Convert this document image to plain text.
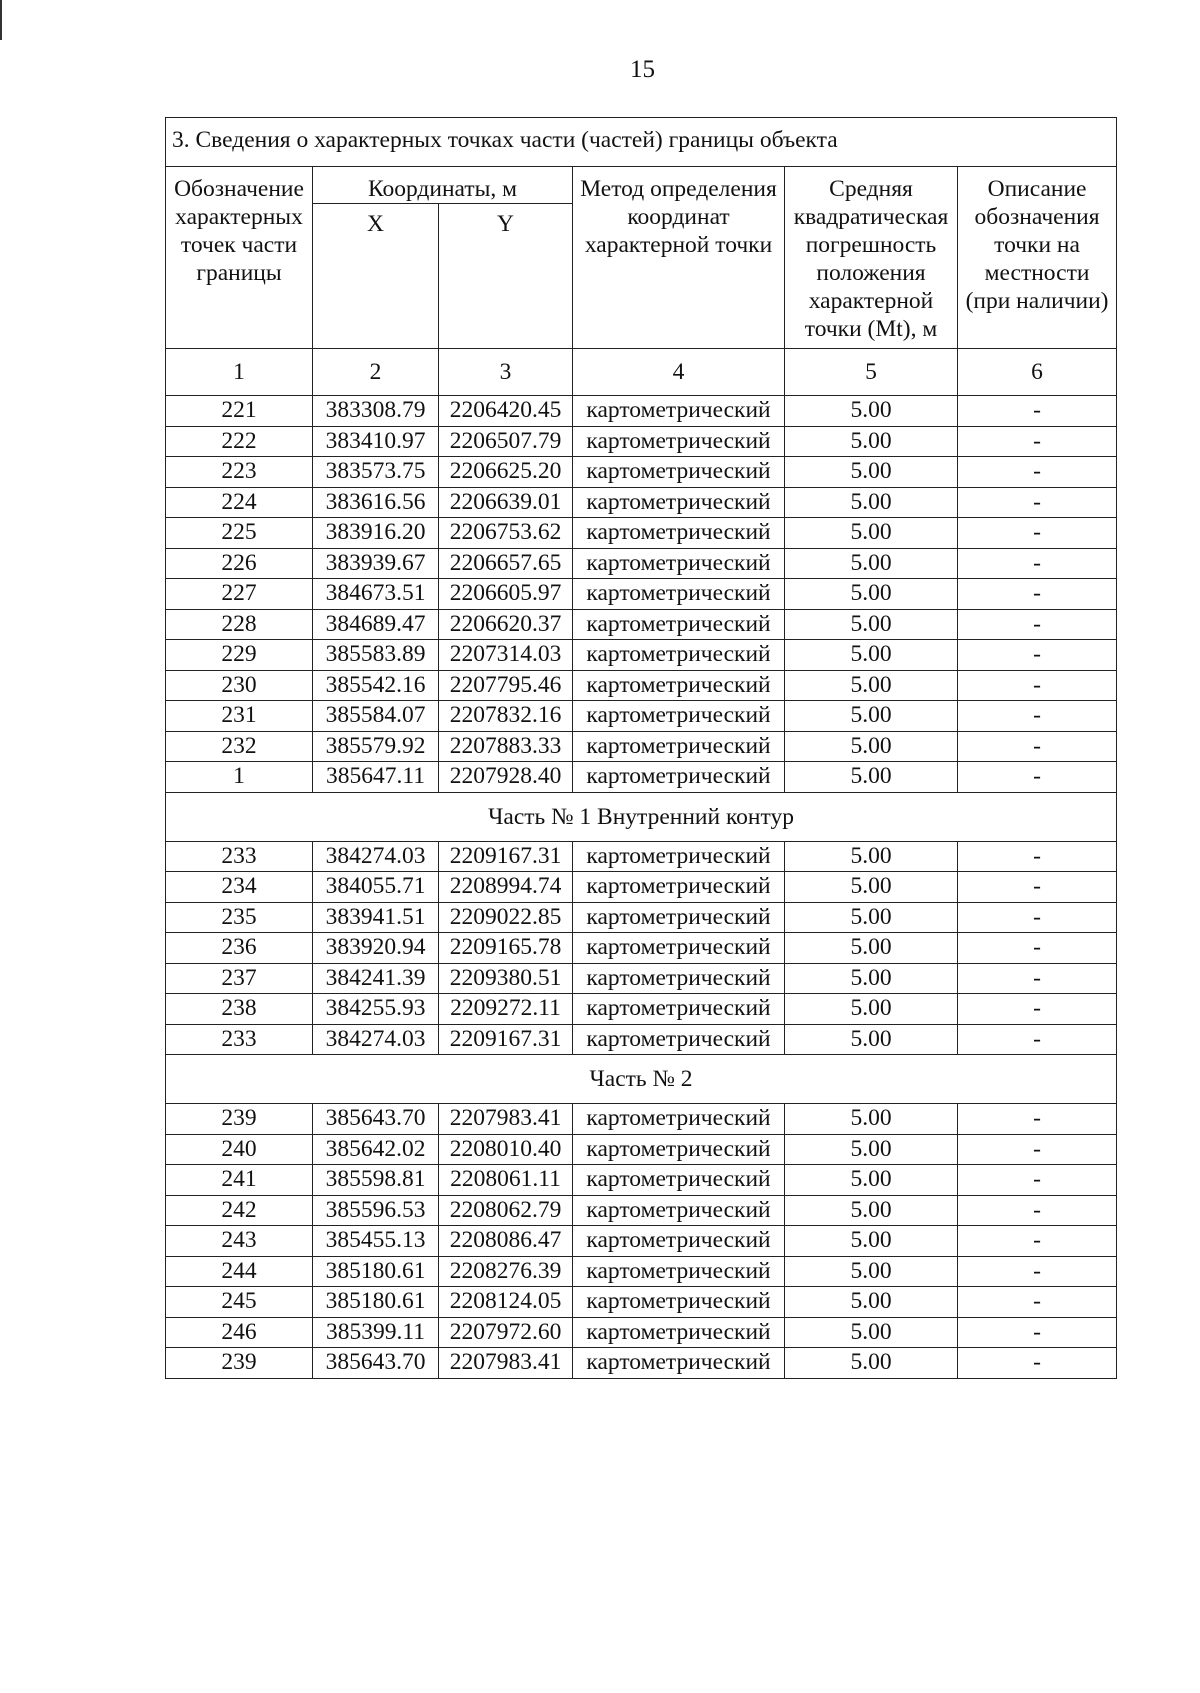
15
3. Сведения о характерных точках части (частей) границы объекта					
Обозначение характерных точек части границы	Координаты, м		Метод определения координат характерной точки	Средняя квадратическая погрешность положения характерной точки (Mt), м	Описание обозначения точки на местности (при наличии)
	X	Y			
1	2	3	4	5	6
221	383308.79	2206420.45	картометрический	5.00	-
222	383410.97	2206507.79	картометрический	5.00	-
223	383573.75	2206625.20	картометрический	5.00	-
224	383616.56	2206639.01	картометрический	5.00	-
225	383916.20	2206753.62	картометрический	5.00	-
226	383939.67	2206657.65	картометрический	5.00	-
227	384673.51	2206605.97	картометрический	5.00	-
228	384689.47	2206620.37	картометрический	5.00	-
229	385583.89	2207314.03	картометрический	5.00	-
230	385542.16	2207795.46	картометрический	5.00	-
231	385584.07	2207832.16	картометрический	5.00	-
232	385579.92	2207883.33	картометрический	5.00	-
1	385647.11	2207928.40	картометрический	5.00	-
Часть № 1 Внутренний контур					
233	384274.03	2209167.31	картометрический	5.00	-
234	384055.71	2208994.74	картометрический	5.00	-
235	383941.51	2209022.85	картометрический	5.00	-
236	383920.94	2209165.78	картометрический	5.00	-
237	384241.39	2209380.51	картометрический	5.00	-
238	384255.93	2209272.11	картометрический	5.00	-
233	384274.03	2209167.31	картометрический	5.00	-
Часть № 2					
239	385643.70	2207983.41	картометрический	5.00	-
240	385642.02	2208010.40	картометрический	5.00	-
241	385598.81	2208061.11	картометрический	5.00	-
242	385596.53	2208062.79	картометрический	5.00	-
243	385455.13	2208086.47	картометрический	5.00	-
244	385180.61	2208276.39	картометрический	5.00	-
245	385180.61	2208124.05	картометрический	5.00	-
246	385399.11	2207972.60	картометрический	5.00	-
239	385643.70	2207983.41	картометрический	5.00	-
